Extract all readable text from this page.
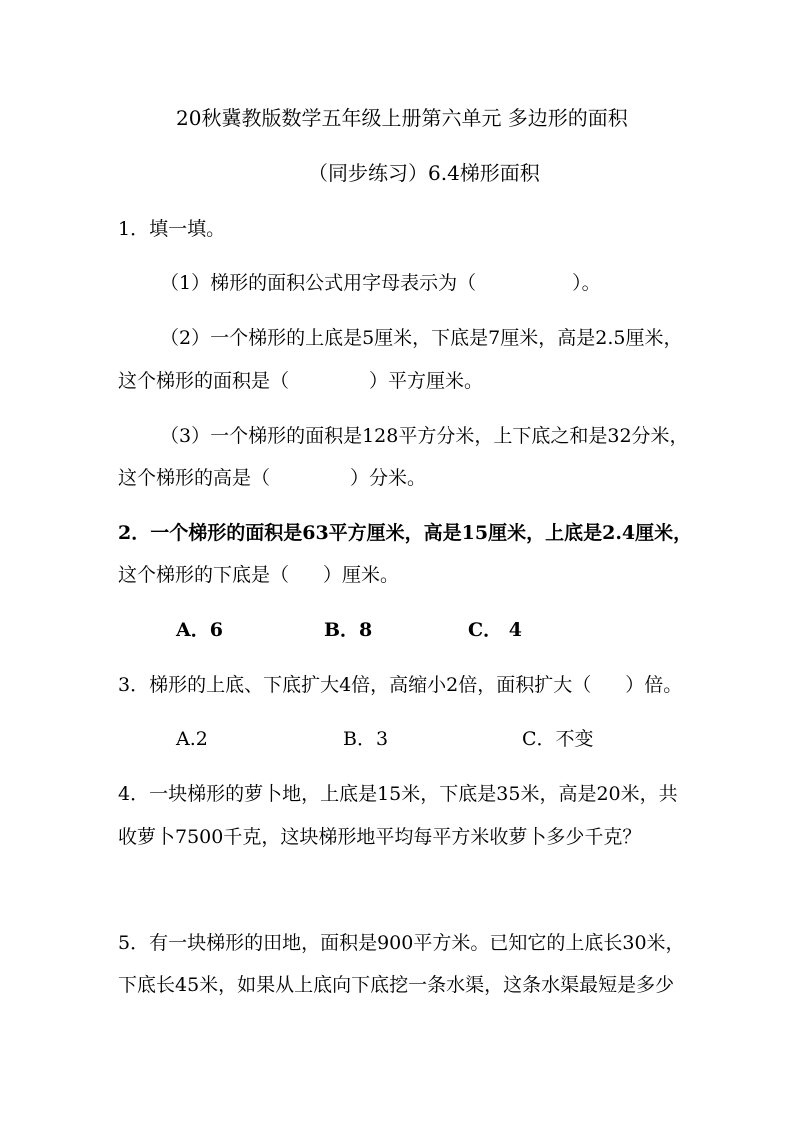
20秋冀教版数学五年级上册第六单元 多边形的面积
（同步练习）6.4梯形面积
1．填一填。
（1）梯形的面积公式用字母表示为（	）。
（2）一个梯形的上底是5厘米，下底是7厘米，高是2.5厘米，
这个梯形的面积是（	）平方厘米。
（3）一个梯形的面积是128平方分米，上下底之和是32分米，
这个梯形的高是（	）分米。
2．一个梯形的面积是63平方厘米，高是15厘米，上底是2.4厘米，
这个梯形的下底是（ ）厘米。
A．6	B．8	C． 4
3．梯形的上底、下底扩大4倍，高缩小2倍，面积扩大（ ）倍。
A.2	B．3	C．不变
4．一块梯形的萝卜地，上底是15米，下底是35米，高是20米，共
收萝卜7500千克，这块梯形地平均每平方米收萝卜多少千克？
5．有一块梯形的田地，面积是900平方米。已知它的上底长30米，
下底长45米，如果从上底向下底挖一条水渠，这条水渠最短是多少
